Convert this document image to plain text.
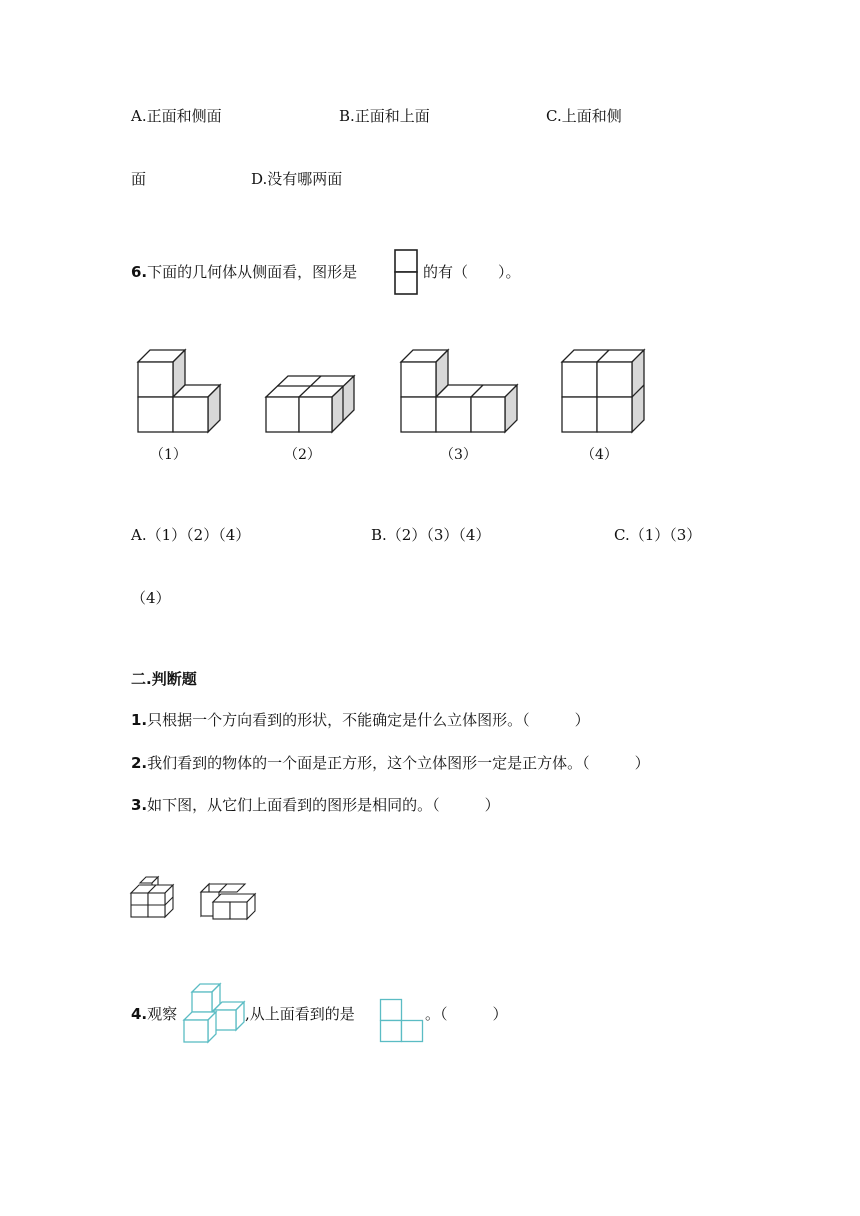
A.正面和侧面	B.正面和上面	C.上面和侧
面	D.没有哪两面
6.下面的几何体从侧面看，图形是	的有（　　）。
（1）	（2）	（3）	（4）
A.（1）（2）（4）	B.（2）（3）（4）	C.（1）（3）
（4）
二.判断题
1.只根据一个方向看到的形状，不能确定是什么立体图形。（　　　）
2.我们看到的物体的一个面是正方形，这个立体图形一定是正方体。（　　　）
3.如下图，从它们上面看到的图形是相同的。（　　　）
4.观察	,从上面看到的是	。（　　　）
